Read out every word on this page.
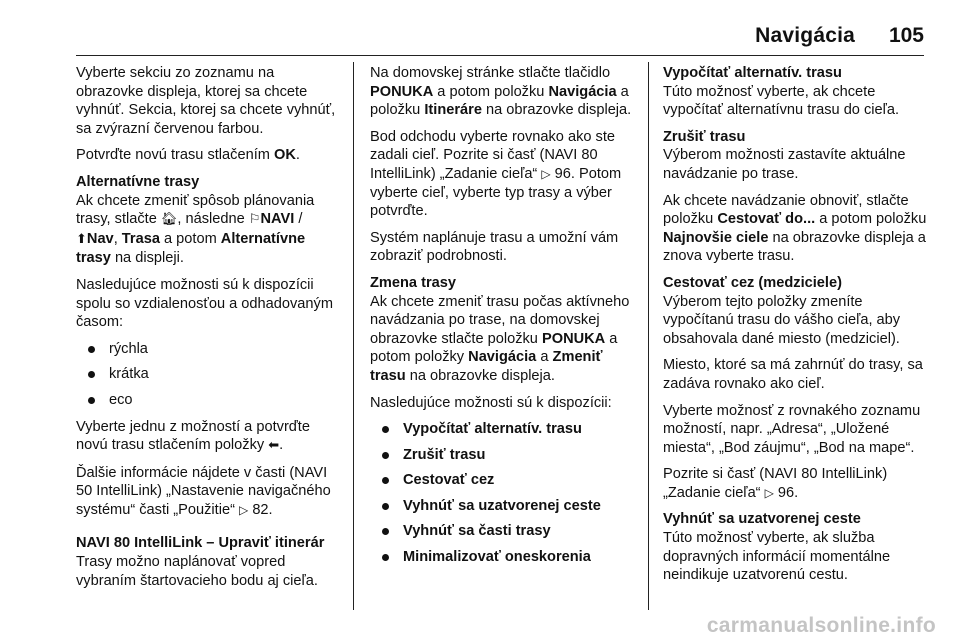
Navigácia 105

Vyberte sekciu zo zoznamu na obrazovke displeja, ktorej sa chcete vyhnúť. Sekcia, ktorej sa chcete vyhnúť, sa zvýrazní červenou farbou.

Potvrďte novú trasu stlačením OK.

Alternatívne trasy

Ak chcete zmeniť spôsob plánovania trasy, stlačte 🏠︎, následne ⚐NAVI / ⬆Nav, Trasa a potom Alternatívne trasy na displeji.

Nasledujúce možnosti sú k dispozícii spolu so vzdialenosťou a odhadovaným časom:

rýchla
krátka
eco

Vyberte jednu z možností a potvrďte novú trasu stlačením položky ⬅.

Ďalšie informácie nájdete v časti (NAVI 50 IntelliLink) „Nastavenie navigačného systému“ časti „Použitie“ ▷ 82.

NAVI 80 IntelliLink – Upraviť itinerár

Trasy možno naplánovať vopred vybraním štartovacieho bodu aj cieľa.

Na domovskej stránke stlačte tlačidlo PONUKA a potom položku Navigácia a položku Itineráre na obrazovke displeja.

Bod odchodu vyberte rovnako ako ste zadali cieľ. Pozrite si časť (NAVI 80 IntelliLink) „Zadanie cieľa“ ▷ 96. Potom vyberte cieľ, vyberte typ trasy a výber potvrďte.

Systém naplánuje trasu a umožní vám zobraziť podrobnosti.

Zmena trasy

Ak chcete zmeniť trasu počas aktívneho navádzania po trase, na domovskej obrazovke stlačte položku PONUKA a potom položky Navigácia a Zmeniť trasu na obrazovke displeja.

Nasledujúce možnosti sú k dispozícii:

Vypočítať alternatív. trasu
Zrušiť trasu
Cestovať cez
Vyhnúť sa uzatvorenej ceste
Vyhnúť sa časti trasy
Minimalizovať oneskorenia
Vypočítať alternatív. trasu

Túto možnosť vyberte, ak chcete vypočítať alternatívnu trasu do cieľa.

Zrušiť trasu

Výberom možnosti zastavíte aktuálne navádzanie po trase.

Ak chcete navádzanie obnoviť, stlačte položku Cestovať do... a potom položku Najnovšie ciele na obrazovke displeja a znova vyberte trasu.

Cestovať cez (medziciele)

Výberom tejto položky zmeníte vypočítanú trasu do vášho cieľa, aby obsahovala dané miesto (medziciel).

Miesto, ktoré sa má zahrnúť do trasy, sa zadáva rovnako ako cieľ.

Vyberte možnosť z rovnakého zoznamu možností, napr. „Adresa“, „Uložené miesta“, „Bod záujmu“, „Bod na mape“.

Pozrite si časť (NAVI 80 IntelliLink) „Zadanie cieľa“ ▷ 96.

Vyhnúť sa uzatvorenej ceste

Túto možnosť vyberte, ak služba dopravných informácií momentálne neindikuje uzatvorenú cestu.

carmanualsonline.info
